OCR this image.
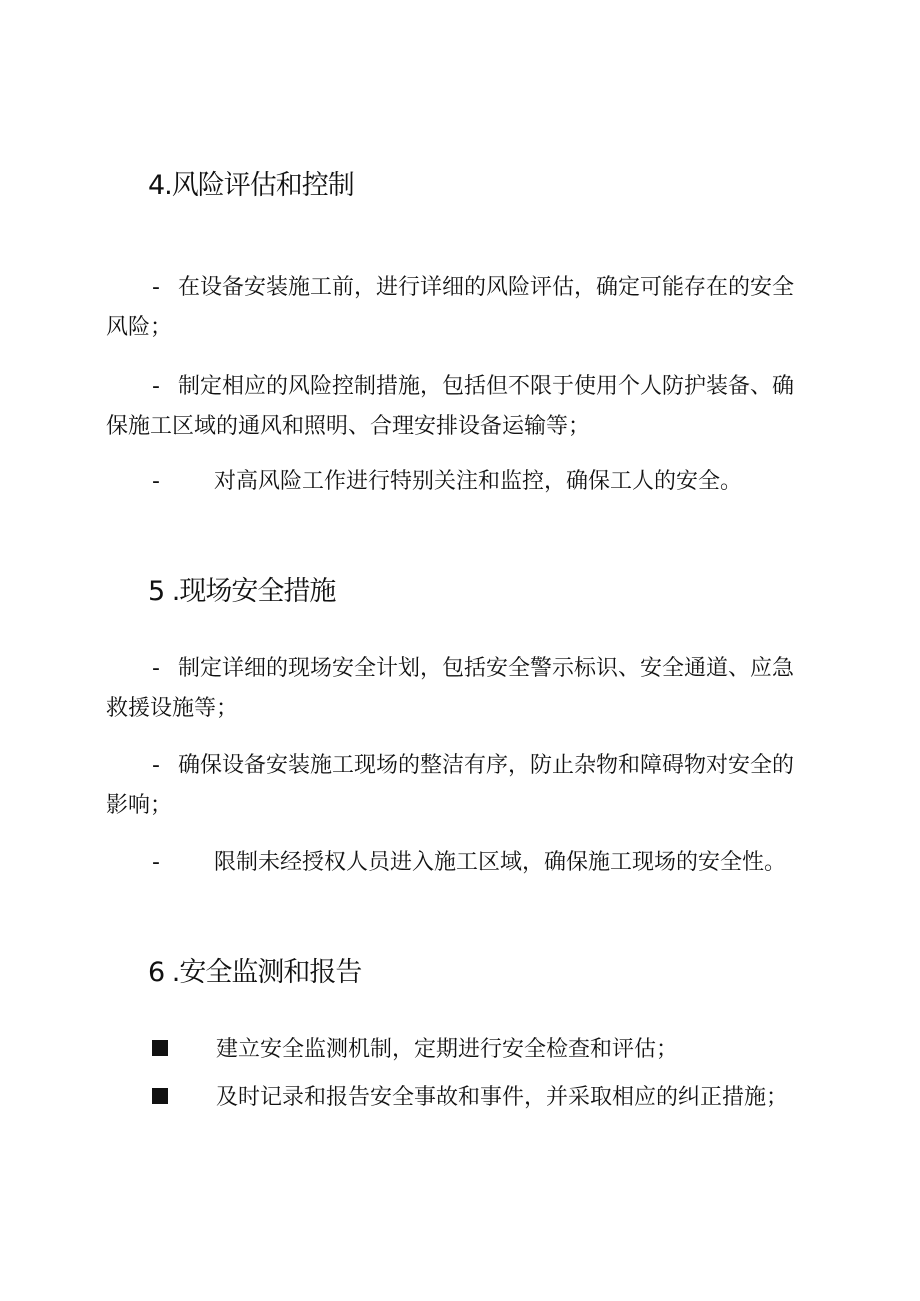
4.风险评估和控制

- 在设备安装施工前，进行详细的风险评估，确定可能存在的安全风险；

- 制定相应的风险控制措施，包括但不限于使用个人防护装备、确保施工区域的通风和照明、合理安排设备运输等；

- 对高风险工作进行特别关注和监控，确保工人的安全。
5 .现场安全措施

- 制定详细的现场安全计划，包括安全警示标识、安全通道、应急救援设施等；

- 确保设备安装施工现场的整洁有序，防止杂物和障碍物对安全的影响；

- 限制未经授权人员进入施工区域，确保施工现场的安全性。
6 .安全监测和报告
建立安全监测机制，定期进行安全检查和评估；
及时记录和报告安全事故和事件，并采取相应的纠正措施；
